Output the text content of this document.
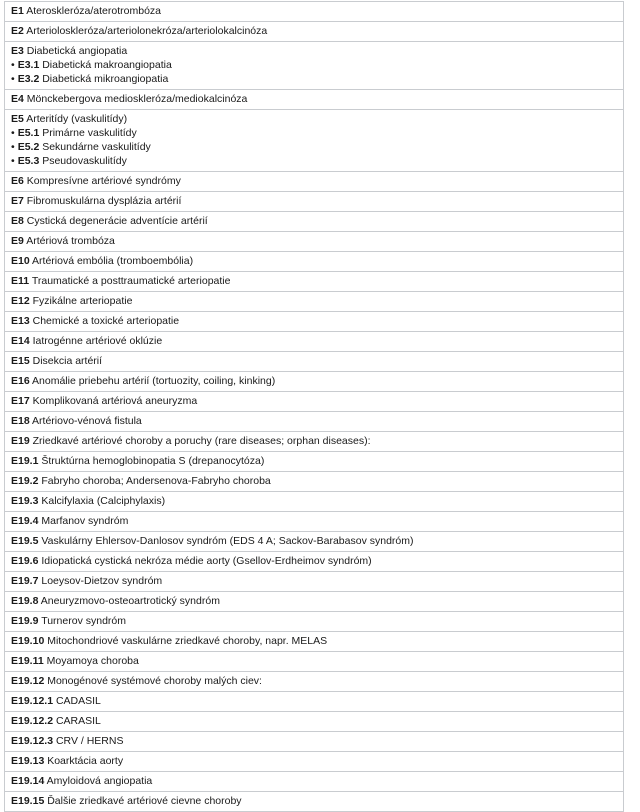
E1 Ateroskleróza/aterotrombóza
E2 Arterioloskleróza/arteriolonekróza/arteriolokalcinóza
E3 Diabetická angiopatia
• E3.1 Diabetická makroangiopatia
• E3.2 Diabetická mikroangiopatia

E4 Mönckebergova medioskleróza/mediokalcinóza
E5 Arteritídy (vaskulitídy)
• E5.1 Primárne vaskulitídy
• E5.2 Sekundárne vaskulitídy
• E5.3 Pseudovaskulitídy

E6 Kompresívne artériové syndrómy
E7 Fibromuskulárna dysplázia artérií
E8 Cystická degenerácie adventície artérií
E9 Artériová trombóza
E10 Artériová embólia (tromboembólia)
E11 Traumatické a posttraumatické arteriopatie
E12 Fyzikálne arteriopatie
E13 Chemické a toxické arteriopatie
E14 Iatrogénne artériové oklúzie
E15 Disekcia artérií
E16 Anomálie priebehu artérií (tortuozity, coiling, kinking)
E17 Komplikovaná artériová aneuryzma
E18 Artériovo-vénová fistula
E19 Zriedkavé artériové choroby a poruchy (rare diseases; orphan diseases):
E19.1 Štruktúrna hemoglobinopatia S (drepanocytóza)
E19.2 Fabryho choroba; Andersenova-Fabryho choroba
E19.3 Kalcifylaxia (Calciphylaxis)
E19.4 Marfanov syndróm
E19.5 Vaskulárny Ehlersov-Danlosov syndróm (EDS 4 A; Sackov-Barabasov syndróm)
E19.6 Idiopatická cystická nekróza médie aorty (Gsellov-Erdheimov syndróm)
E19.7 Loeysov-Dietzov syndróm
E19.8 Aneuryzmovo-osteoartrotický syndróm
E19.9 Turnerov syndróm
E19.10 Mitochondriové vaskulárne zriedkavé choroby, napr. MELAS
E19.11 Moyamoya choroba
E19.12 Monogénové systémové choroby malých ciev:
E19.12.1 CADASIL
E19.12.2 CARASIL
E19.12.3 CRV / HERNS
E19.13 Koarktácia aorty
E19.14 Amyloidová angiopatia
E19.15 Ďalšie zriedkavé artériové cievne choroby
